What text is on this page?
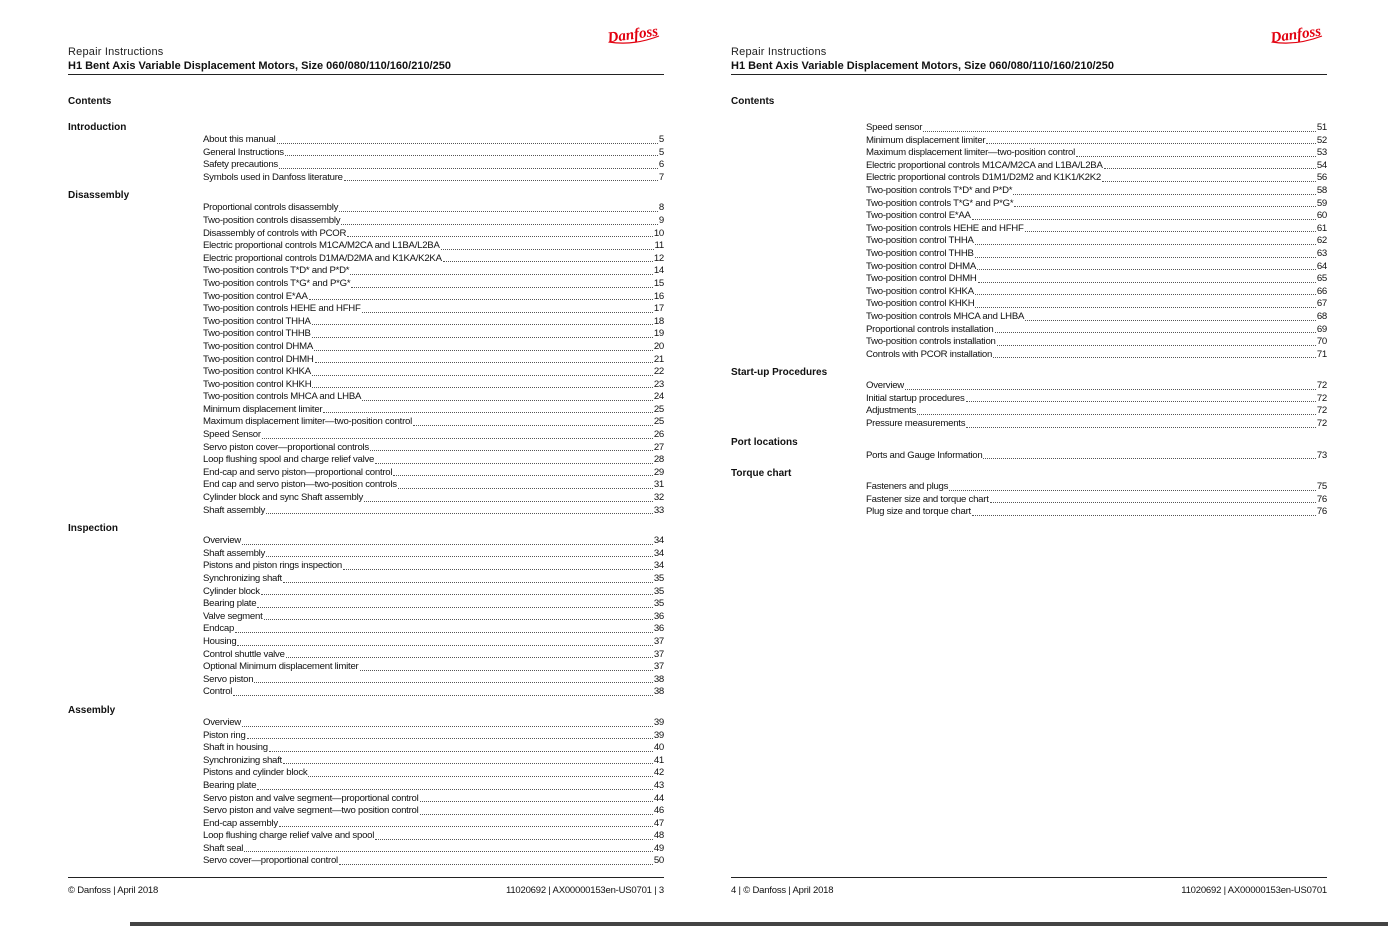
Danfoss
Repair Instructions
H1 Bent Axis Variable Displacement Motors, Size 060/080/110/160/210/250
Contents
Introduction
About this manual	5
General Instructions	5
Safety precautions	6
Symbols used in Danfoss literature	7
Disassembly
Proportional controls disassembly	8
Two-position controls disassembly	9
Disassembly of controls with PCOR	10
Electric proportional controls M1CA/M2CA and L1BA/L2BA	11
Electric proportional controls D1MA/D2MA and K1KA/K2KA	12
Two-position controls T*D* and P*D*	14
Two-position controls T*G* and P*G*	15
Two-position control E*AA	16
Two-position controls HEHE and HFHF	17
Two-position control THHA	18
Two-position control THHB	19
Two-position control DHMA	20
Two-position control DHMH	21
Two-position control KHKA	22
Two-position control KHKH	23
Two-position controls MHCA and LHBA	24
Minimum displacement limiter	25
Maximum displacement limiter—two-position control	25
Speed Sensor	26
Servo piston cover—proportional controls	27
Loop flushing spool and charge relief valve	28
End-cap and servo piston—proportional control	29
End cap and servo piston—two-position controls	31
Cylinder block and sync Shaft assembly	32
Shaft assembly	33
Inspection
Overview	34
Shaft assembly	34
Pistons and piston rings inspection	34
Synchronizing shaft	35
Cylinder block	35
Bearing plate	35
Valve segment	36
Endcap	36
Housing	37
Control shuttle valve	37
Optional Minimum displacement limiter	37
Servo piston	38
Control	38
Assembly
Overview	39
Piston ring	39
Shaft in housing	40
Synchronizing shaft	41
Pistons and cylinder block	42
Bearing plate	43
Servo piston and valve segment—proportional control	44
Servo piston and valve segment—two position control	46
End-cap assembly	47
Loop flushing charge relief valve and spool	48
Shaft seal	49
Servo cover—proportional control	50
© Danfoss | April 2018	11020692 | AX00000153en-US0701 | 3
Danfoss
Repair Instructions
H1 Bent Axis Variable Displacement Motors, Size 060/080/110/160/210/250
Contents
Speed sensor	51
Minimum displacement limiter	52
Maximum displacement limiter—two-position control	53
Electric proportional controls M1CA/M2CA and L1BA/L2BA	54
Electric proportional controls D1M1/D2M2 and K1K1/K2K2	56
Two-position controls T*D* and P*D*	58
Two-position controls T*G* and P*G*	59
Two-position control E*AA	60
Two-position controls HEHE and HFHF	61
Two-position control THHA	62
Two-position control THHB	63
Two-position control DHMA	64
Two-position control DHMH	65
Two-position control KHKA	66
Two-position control KHKH	67
Two-position controls MHCA and LHBA	68
Proportional controls installation	69
Two-position controls installation	70
Controls with PCOR installation	71
Start-up Procedures
Overview	72
Initial startup procedures	72
Adjustments	72
Pressure measurements	72
Port locations
Ports and Gauge Information	73
Torque chart
Fasteners and plugs	75
Fastener size and torque chart	76
Plug size and torque chart	76
4 | © Danfoss | April 2018	11020692 | AX00000153en-US0701
